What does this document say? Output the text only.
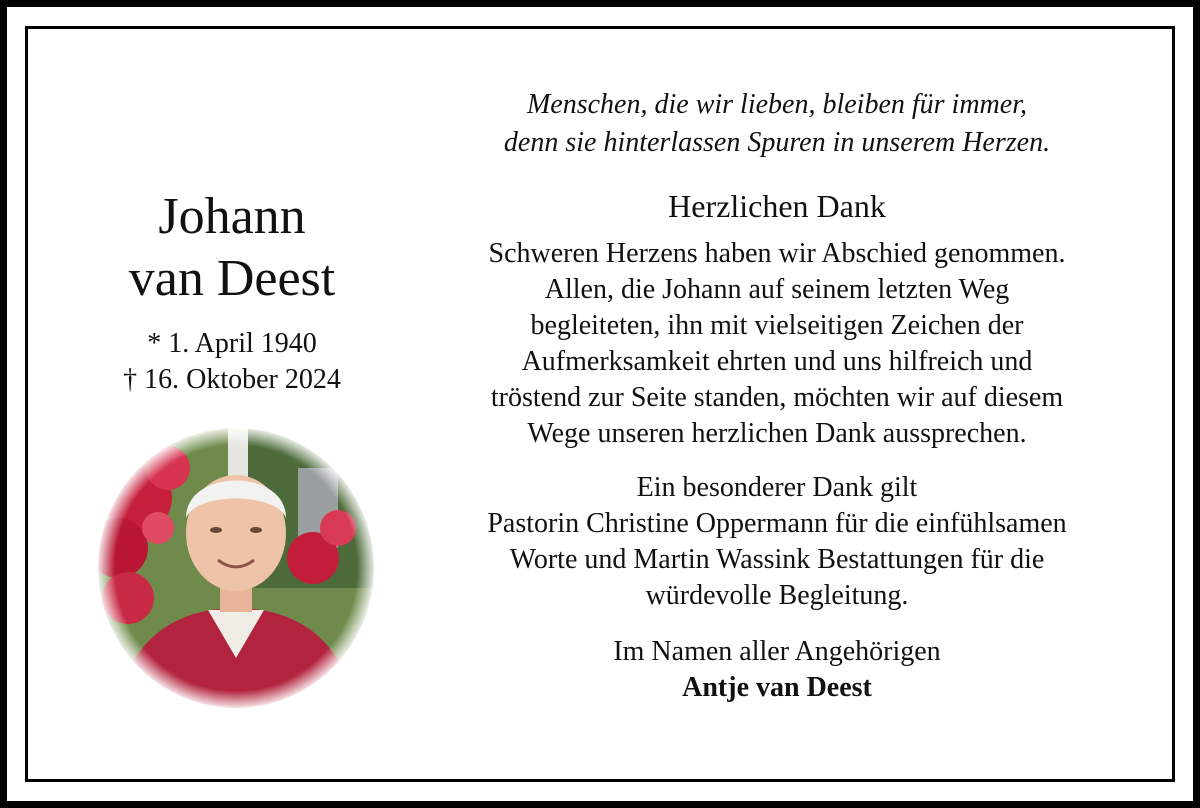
Johann
van Deest
* 1. April 1940
† 16. Oktober 2024
Menschen, die wir lieben, bleiben für immer,
denn sie hinterlassen Spuren in unserem Herzen.
Herzlichen Dank
Schweren Herzens haben wir Abschied genommen.
Allen, die Johann auf seinem letzten Weg
begleiteten, ihn mit vielseitigen Zeichen der
Aufmerksamkeit ehrten und uns hilfreich und
tröstend zur Seite standen, möchten wir auf diesem
Wege unseren herzlichen Dank aussprechen.
Ein besonderer Dank gilt
Pastorin Christine Oppermann für die einfühlsamen
Worte und Martin Wassink Bestattungen für die
würdevolle Begleitung.
Im Namen aller Angehörigen
Antje van Deest
